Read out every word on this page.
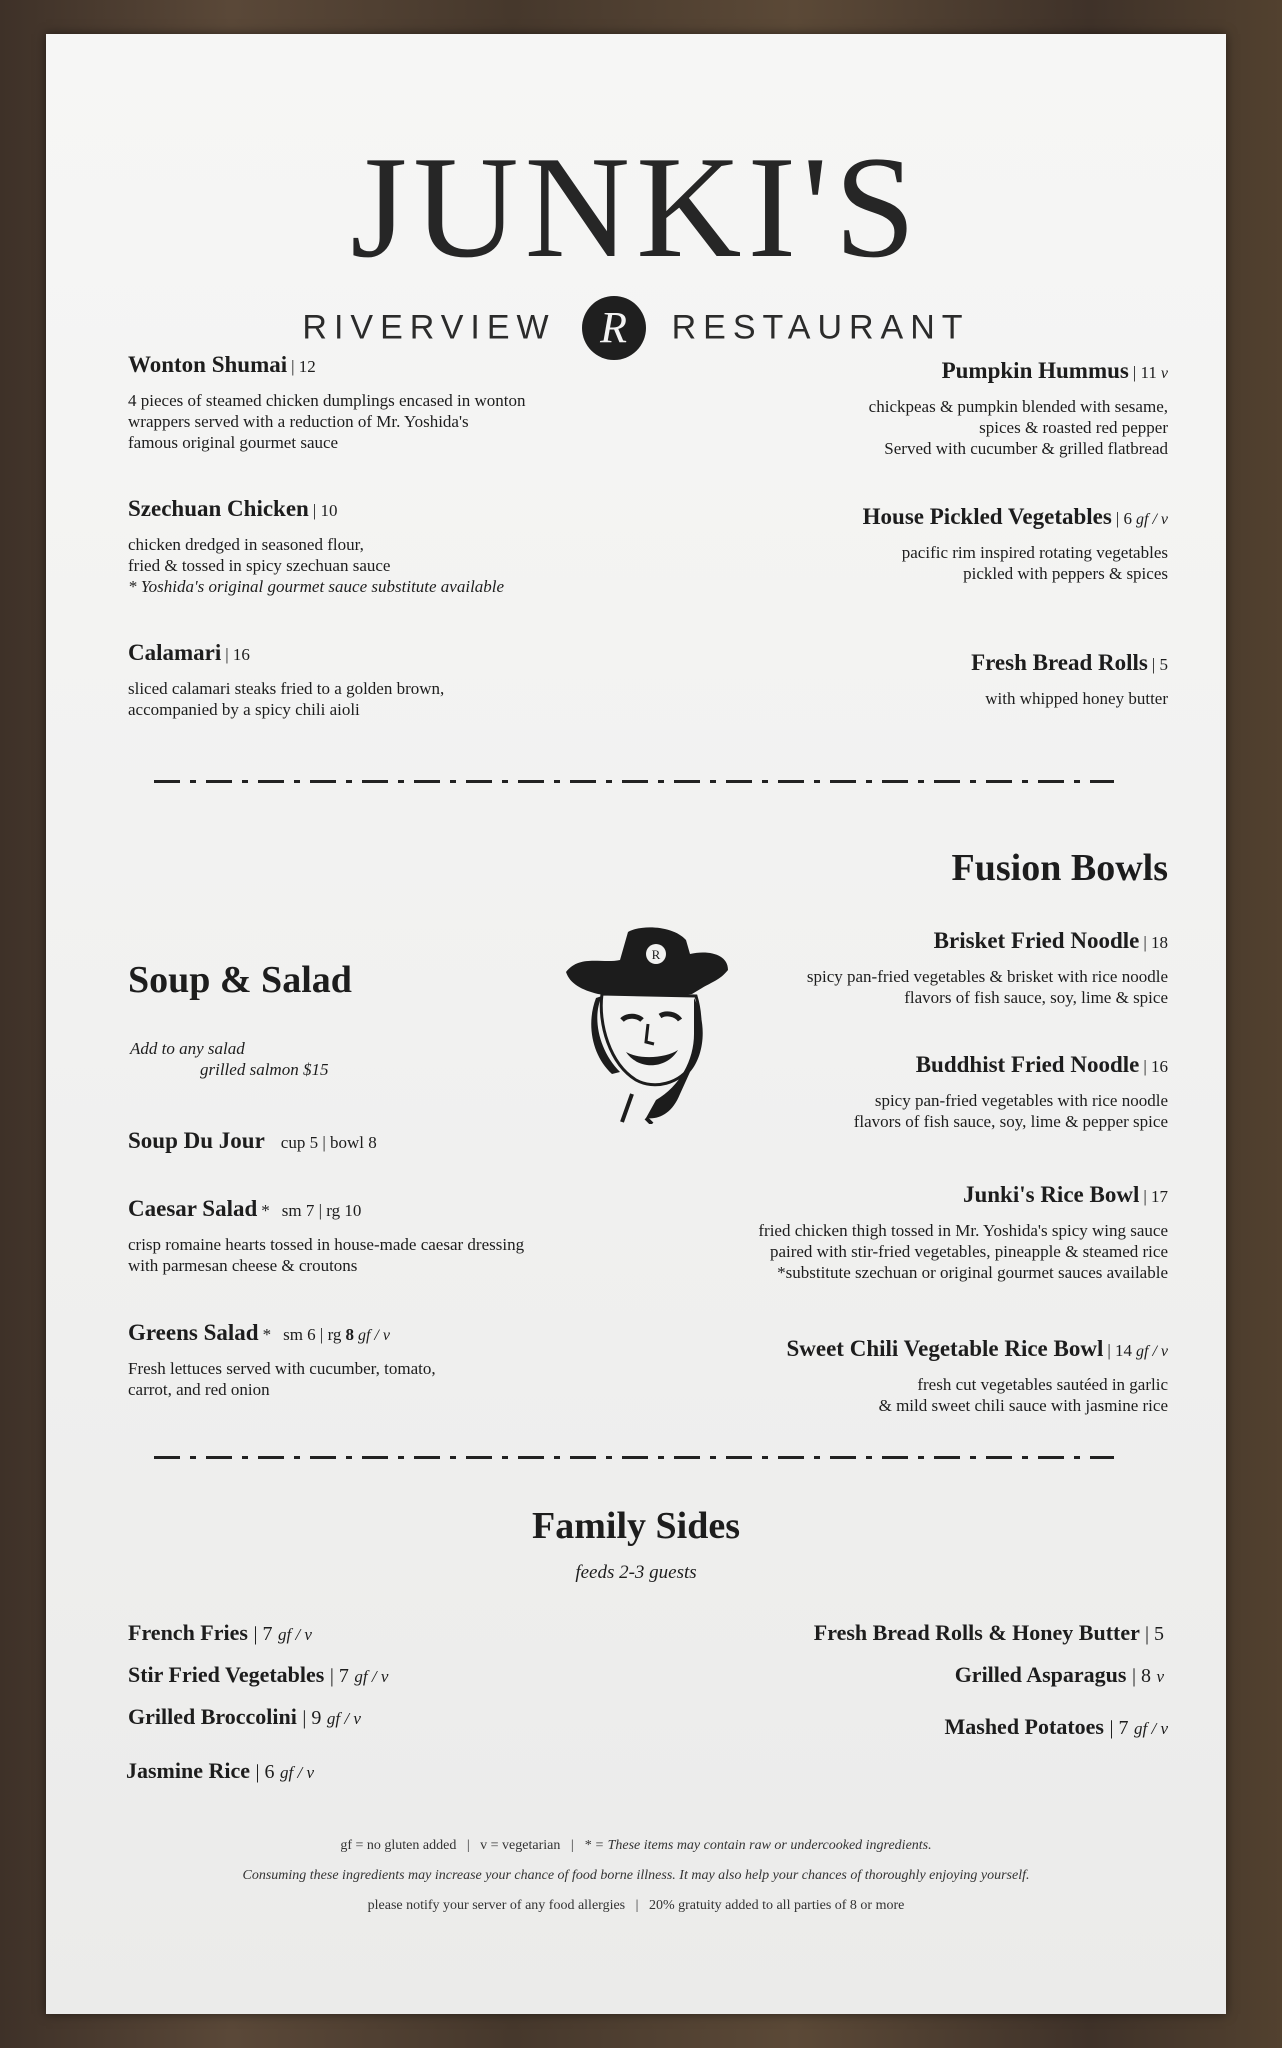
JUNKI'S
RIVERVIEW R RESTAURANT
Wonton Shumai | 12
4 pieces of steamed chicken dumplings encased in wonton
wrappers served with a reduction of Mr. Yoshida's
famous original gourmet sauce
Szechuan Chicken | 10
chicken dredged in seasoned flour,
fried & tossed in spicy szechuan sauce
* Yoshida's original gourmet sauce substitute available
Calamari | 16
sliced calamari steaks fried to a golden brown,
accompanied by a spicy chili aioli
Pumpkin Hummus | 11 v
chickpeas & pumpkin blended with sesame,
spices & roasted red pepper
Served with cucumber & grilled flatbread
House Pickled Vegetables | 6 gf / v
pacific rim inspired rotating vegetables
pickled with peppers & spices
Fresh Bread Rolls | 5
with whipped honey butter
Fusion Bowls
Brisket Fried Noodle | 18
spicy pan-fried vegetables & brisket with rice noodle
flavors of fish sauce, soy, lime & spice
Buddhist Fried Noodle | 16
spicy pan-fried vegetables with rice noodle
flavors of fish sauce, soy, lime & pepper spice
Junki's Rice Bowl | 17
fried chicken thigh tossed in Mr. Yoshida's spicy wing sauce
paired with stir-fried vegetables, pineapple & steamed rice
*substitute szechuan or original gourmet sauces available
Sweet Chili Vegetable Rice Bowl | 14 gf / v
fresh cut vegetables sautéed in garlic
& mild sweet chili sauce with jasmine rice
Soup & Salad
Add to any salad
grilled salmon $15
Soup Du Jour cup 5 | bowl 8
Caesar Salad * sm 7 | rg 10
crisp romaine hearts tossed in house-made caesar dressing
with parmesan cheese & croutons
Greens Salad * sm 6 | rg 8 gf / v
Fresh lettuces served with cucumber, tomato,
carrot, and red onion
R
Family Sides
feeds 2-3 guests
French Fries | 7 gf / v
Stir Fried Vegetables | 7 gf / v
Grilled Broccolini | 9 gf / v
Jasmine Rice | 6 gf / v
Fresh Bread Rolls & Honey Butter | 5
Grilled Asparagus | 8 v
Mashed Potatoes | 7 gf / v
gf = no gluten added | v = vegetarian | * = These items may contain raw or undercooked ingredients.
Consuming these ingredients may increase your chance of food borne illness. It may also help your chances of thoroughly enjoying yourself.
please notify your server of any food allergies | 20% gratuity added to all parties of 8 or more
